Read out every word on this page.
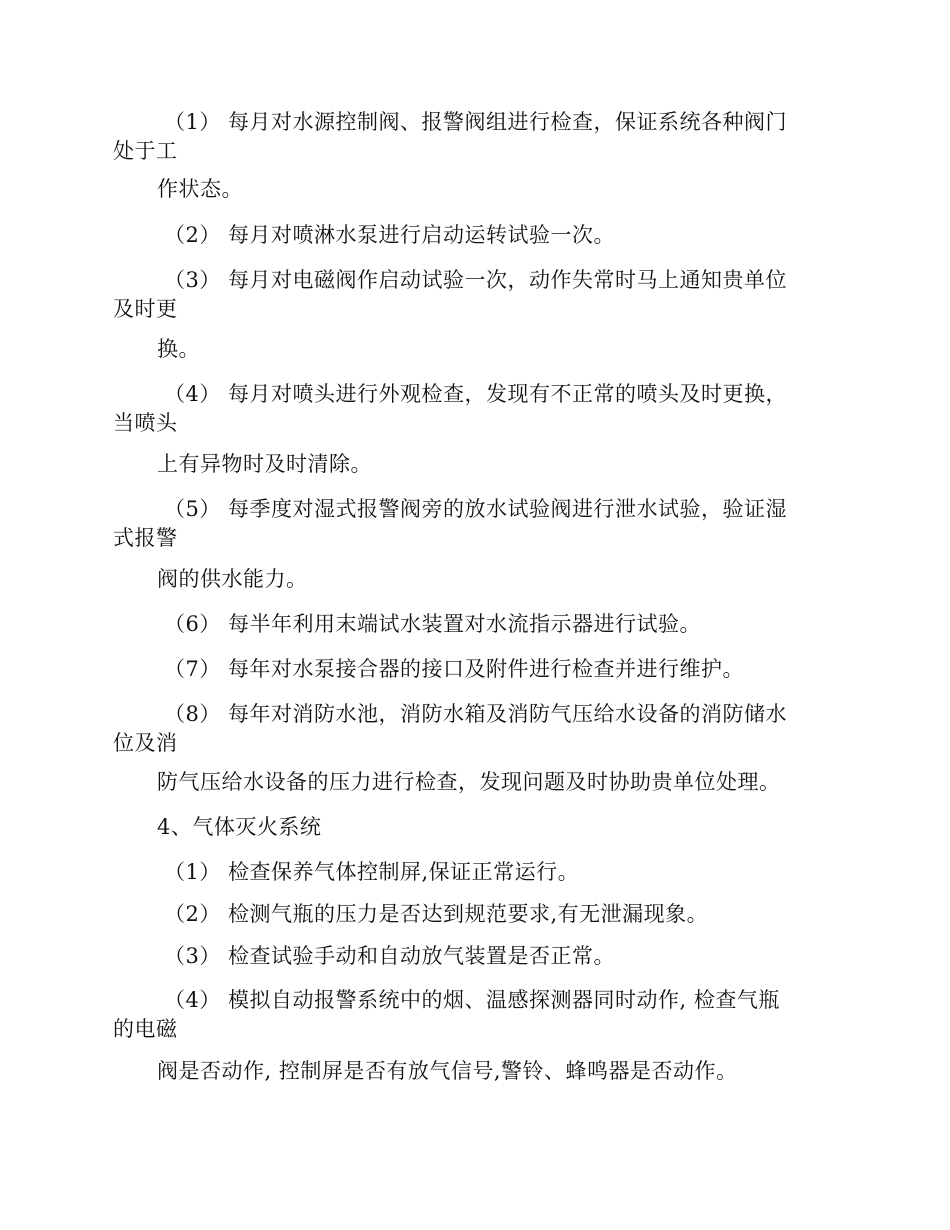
（1） 每月对水源控制阀、报警阀组进行检查，保证系统各种阀门
处于工
作状态。
（2） 每月对喷淋水泵进行启动运转试验一次。
（3） 每月对电磁阀作启动试验一次，动作失常时马上通知贵单位
及时更
换。
（4） 每月对喷头进行外观检查，发现有不正常的喷头及时更换，
当喷头
上有异物时及时清除。
（5） 每季度对湿式报警阀旁的放水试验阀进行泄水试验，验证湿
式报警
阀的供水能力。
（6） 每半年利用末端试水装置对水流指示器进行试验。
（7） 每年对水泵接合器的接口及附件进行检查并进行维护。
（8） 每年对消防水池，消防水箱及消防气压给水设备的消防储水
位及消
防气压给水设备的压力进行检查，发现问题及时协助贵单位处理。
4、气体灭火系统
（1） 检查保养气体控制屏,保证正常运行。
（2） 检测气瓶的压力是否达到规范要求,有无泄漏现象。
（3） 检查试验手动和自动放气装置是否正常。
（4） 模拟自动报警系统中的烟、温感探测器同时动作, 检查气瓶
的电磁
阀是否动作, 控制屏是否有放气信号,警铃、蜂鸣器是否动作。
